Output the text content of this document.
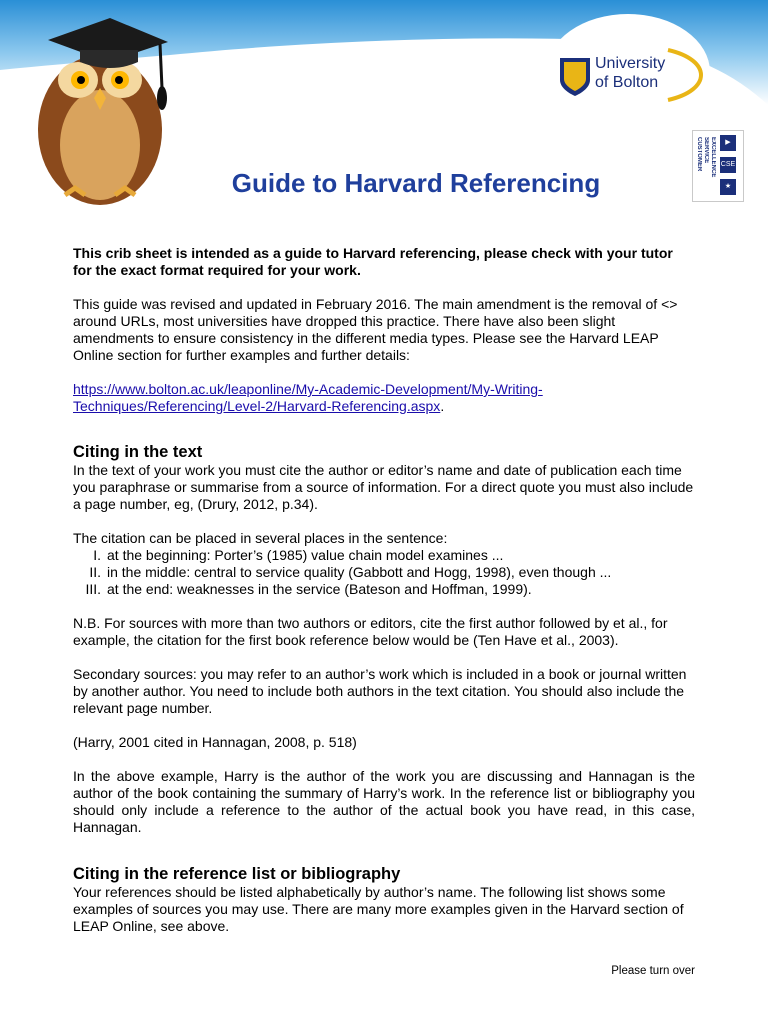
University
of Bolton
CUSTOMER SERVICE EXCELLENCE	▶
CSE
★
Guide to Harvard Referencing

This crib sheet is intended as a guide to Harvard referencing, please check with your tutor for the exact format required for your work.

This guide was revised and updated in February 2016. The main amendment is the removal of <> around URLs, most universities have dropped this practice. There have also been slight amendments to ensure consistency in the different media types. Please see the Harvard LEAP Online section for further examples and further details:

https://www.bolton.ac.uk/leaponline/My-Academic-Development/My-Writing-Techniques/Referencing/Level-2/Harvard-Referencing.aspx.

Citing in the text

In the text of your work you must cite the author or editor’s name and date of publication each time you paraphrase or summarise from a source of information. For a direct quote you must also include a page number, eg, (Drury, 2012, p.34).

The citation can be placed in several places in the sentence:

I. at the beginning: Porter’s (1985) value chain model examines ...
II. in the middle: central to service quality (Gabbott and Hogg, 1998), even though ...
III. at the end: weaknesses in the service (Bateson and Hoffman, 1999).

N.B. For sources with more than two authors or editors, cite the first author followed by et al., for example, the citation for the first book reference below would be (Ten Have et al., 2003).

Secondary sources: you may refer to an author’s work which is included in a book or journal written by another author. You need to include both authors in the text citation. You should also include the relevant page number.

(Harry, 2001 cited in Hannagan, 2008, p. 518)

In the above example, Harry is the author of the work you are discussing and Hannagan is the author of the book containing the summary of Harry’s work. In the reference list or bibliography you should only include a reference to the author of the actual book you have read, in this case, Hannagan.

Citing in the reference list or bibliography

Your references should be listed alphabetically by author’s name. The following list shows some examples of sources you may use. There are many more examples given in the Harvard section of LEAP Online, see above.

Please turn over
